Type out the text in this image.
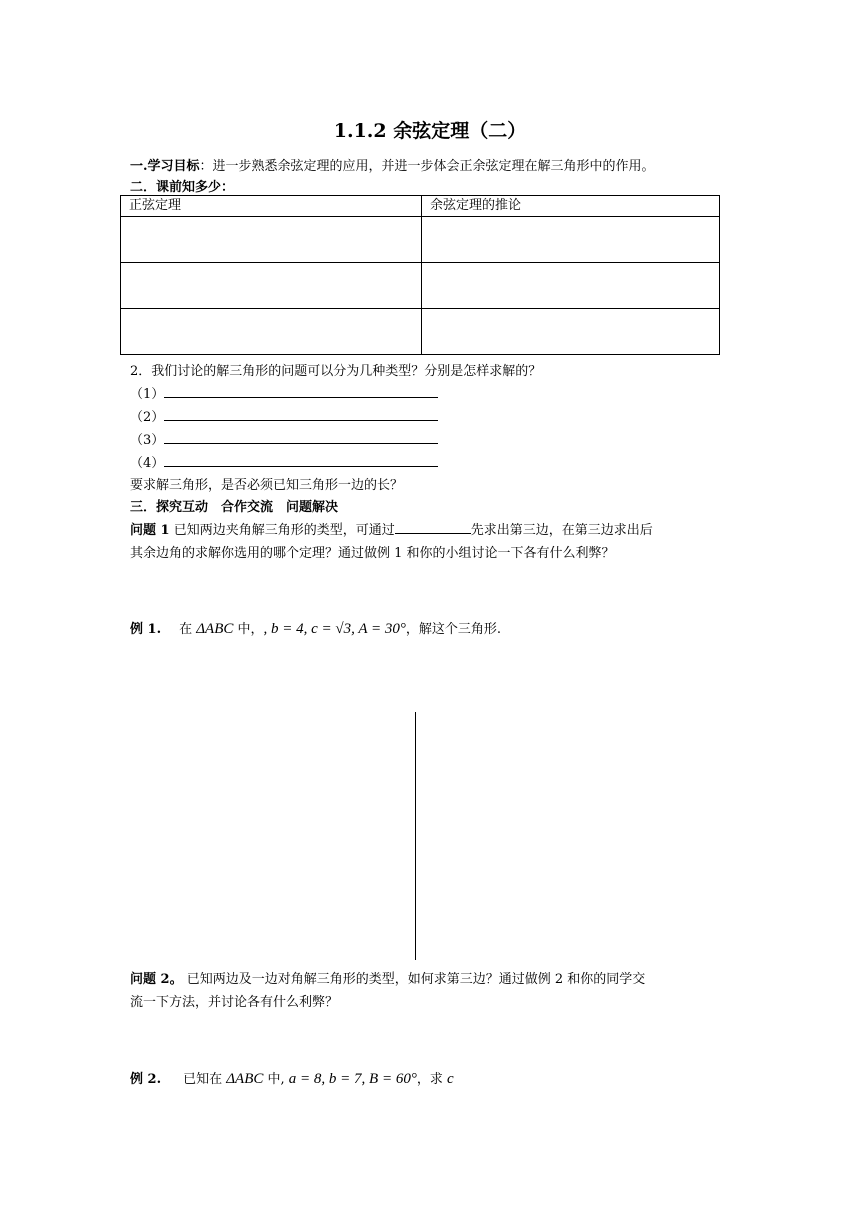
1.1.2 余弦定理（二）
一.学习目标：进一步熟悉余弦定理的应用，并进一步体会正余弦定理在解三角形中的作用。
二．课前知多少：
正弦定理	余弦定理的推论

2．我们讨论的解三角形的问题可以分为几种类型？分别是怎样求解的？
（1）
（2）
（3）
（4）
要求解三角形，是否必须已知三角形一边的长？
三．探究互动　合作交流　问题解决
问题 1 已知两边夹角解三角形的类型，可通过	先求出第三边，在第三边求出后
其余边角的求解你选用的哪个定理？通过做例 1 和你的小组讨论一下各有什么利弊？
例 1. 在 ΔABC 中，, b = 4, c = √3, A = 30°，解这个三角形.
问题 2。 已知两边及一边对角解三角形的类型，如何求第三边？通过做例 2 和你的同学交
流一下方法，并讨论各有什么利弊？
例 2. 已知在 ΔABC 中, a = 8, b = 7, B = 60°，求 c
